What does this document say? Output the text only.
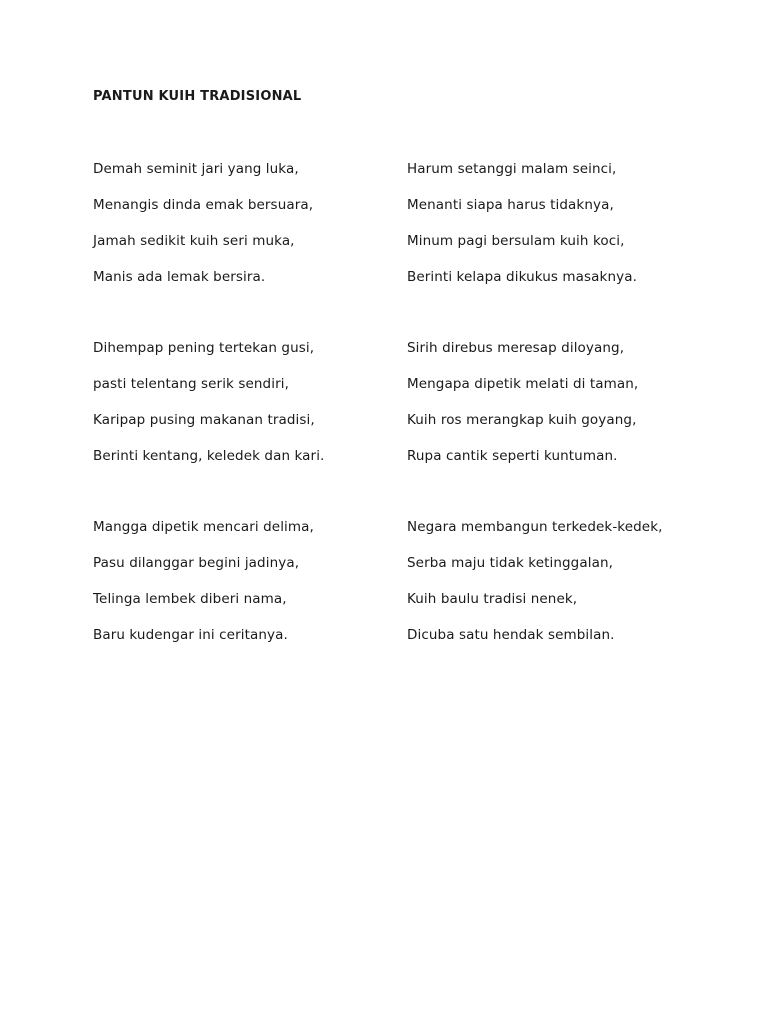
PANTUN KUIH TRADISIONAL
Demah seminit jari yang luka,
Menangis dinda emak bersuara,
Jamah sedikit kuih seri muka,
Manis ada lemak bersira.
Dihempap pening tertekan gusi,
pasti telentang serik sendiri,
Karipap pusing makanan tradisi,
Berinti kentang, keledek dan kari.
Mangga dipetik mencari delima,
Pasu dilanggar begini jadinya,
Telinga lembek diberi nama,
Baru kudengar ini ceritanya.
Harum setanggi malam seinci,
Menanti siapa harus tidaknya,
Minum pagi bersulam kuih koci,
Berinti kelapa dikukus masaknya.
Sirih direbus meresap diloyang,
Mengapa dipetik melati di taman,
Kuih ros merangkap kuih goyang,
Rupa cantik seperti kuntuman.
Negara membangun terkedek-kedek,
Serba maju tidak ketinggalan,
Kuih baulu tradisi nenek,
Dicuba satu hendak sembilan.
